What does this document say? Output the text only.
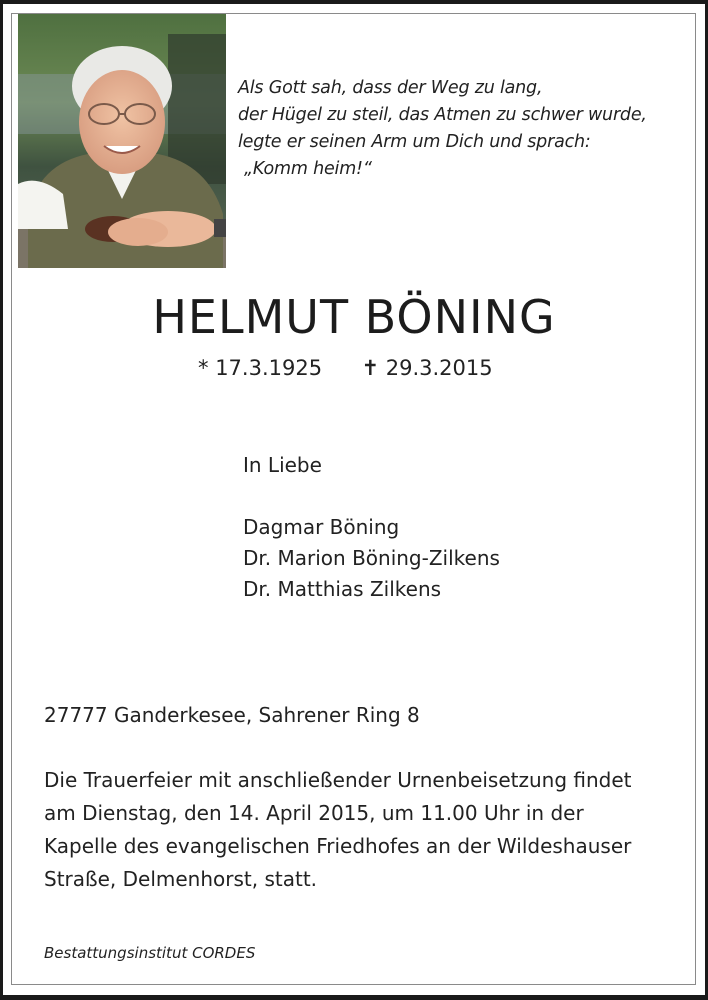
Als Gott sah, dass der Weg zu lang,
der Hügel zu steil, das Atmen zu schwer wurde,
legte er seinen Arm um Dich und sprach:
„Komm heim!“
HELMUT BÖNING
* 17.3.1925 ✝ 29.3.2015
In Liebe
Dagmar Böning
Dr. Marion Böning-Zilkens
Dr. Matthias Zilkens
27777 Ganderkesee, Sahrener Ring 8
Die Trauerfeier mit anschließender Urnenbeisetzung findet
am Dienstag, den 14. April 2015, um 11.00 Uhr in der
Kapelle des evangelischen Friedhofes an der Wildeshauser
Straße, Delmenhorst, statt.
Bestattungsinstitut CORDES
